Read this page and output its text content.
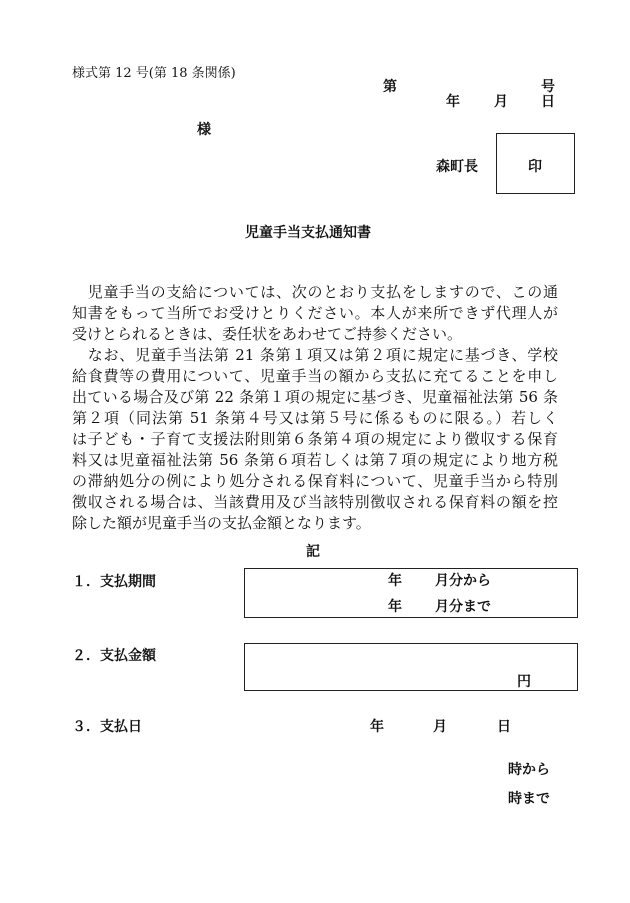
様式第 12 号(第 18 条関係)
第	号
年 月 日
様
森町長	印
児童手当支払通知書
　児童手当の支給については、次のとおり支払をしますので、この通
知書をもって当所でお受けとりください。本人が来所できず代理人が
受けとられるときは、委任状をあわせてご持参ください。
　なお、児童手当法第 21 条第１項又は第２項に規定に基づき、学校
給食費等の費用について、児童手当の額から支払に充てることを申し
出ている場合及び第 22 条第１項の規定に基づき、児童福祉法第 56 条
第２項（同法第 51 条第４号又は第５号に係るものに限る。）若しく
は子ども・子育て支援法附則第６条第４項の規定により徴収する保育
料又は児童福祉法第 56 条第６項若しくは第７項の規定により地方税
の滞納処分の例により処分される保育料について、児童手当から特別
徴収される場合は、当該費用及び当該特別徴収される保育料の額を控
除した額が児童手当の支払金額となります。
記
１．支払期間	年 月分から
年 月分まで
２．支払金額
円
３．支払日	年	月	日
時から
時まで
